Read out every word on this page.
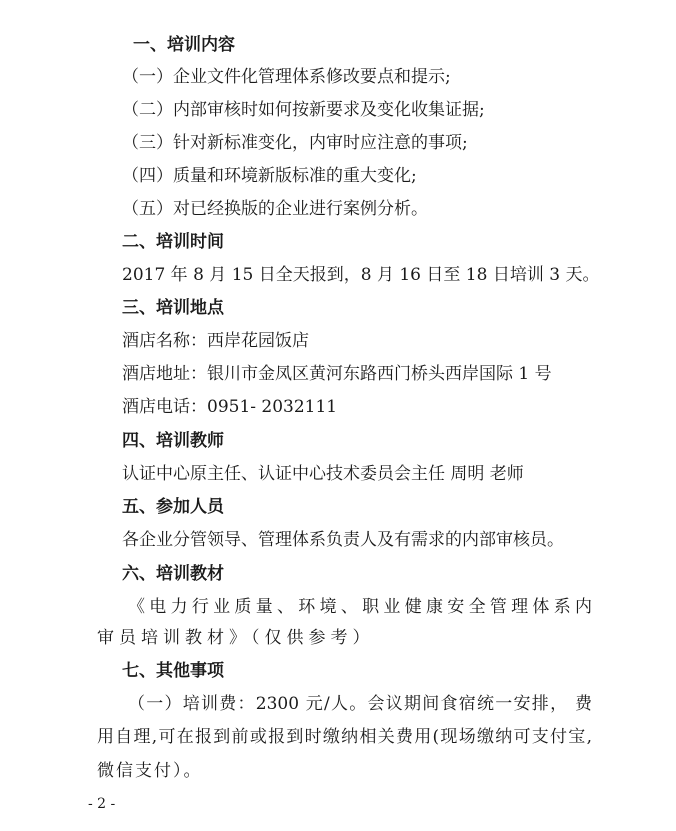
一、培训内容
（一）企业文件化管理体系修改要点和提示;
（二）内部审核时如何按新要求及变化收集证据;
（三）针对新标准变化，内审时应注意的事项;
（四）质量和环境新版标准的重大变化;
（五）对已经换版的企业进行案例分析。
二、培训时间
2017 年 8 月 15 日全天报到，8 月 16 日至 18 日培训 3 天。
三、培训地点
酒店名称：西岸花园饭店
酒店地址：银川市金凤区黄河东路西门桥头西岸国际 1 号
酒店电话：0951- 2032111
四、培训教师
认证中心原主任、认证中心技术委员会主任 周明 老师
五、参加人员
各企业分管领导、管理体系负责人及有需求的内部审核员。
六、培训教材
《电力行业质量、环境、职业健康安全管理体系内
审员培训教材》（仅供参考）
七、其他事项
（一）培训费：2300 元/人。会议期间食宿统一安排， 费
用自理,可在报到前或报到时缴纳相关费用(现场缴纳可支付宝,
微信支付）。
- 2 -
